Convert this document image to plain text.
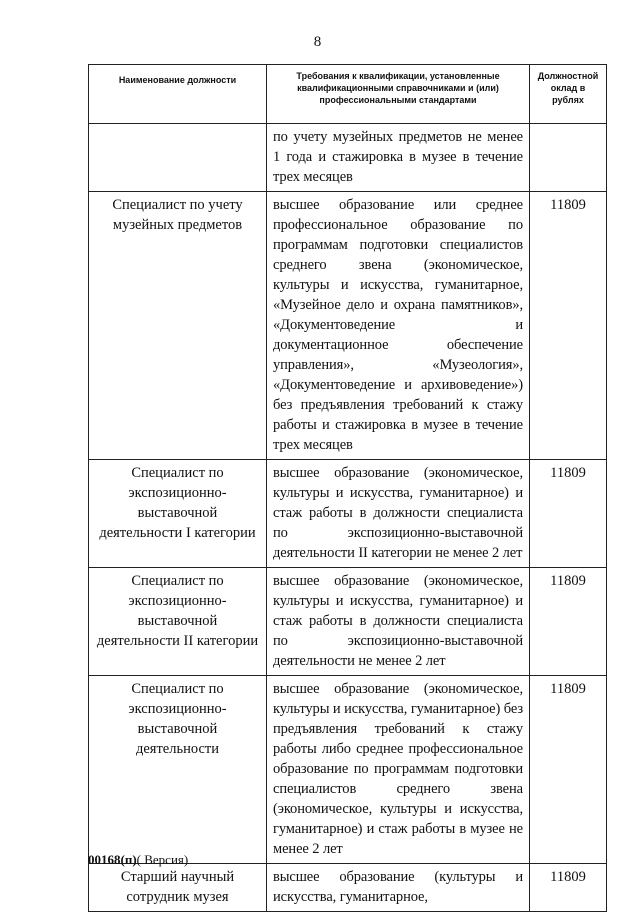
8
Наименование должности	Требования к квалификации, установленные квалификационными справочниками и (или) профессиональными стандартами	Должностной оклад в рублях
	по учету музейных предметов не менее 1 года и стажировка в музее в течение трех месяцев	
Специалист по учету музейных предметов	высшее образование или среднее профессиональное образование по программам подготовки специалистов среднего звена (экономическое, культуры и искусства, гуманитарное, «Музейное дело и охрана памятников», «Документоведение и документационное обеспечение управления», «Музеология», «Документоведение и архивоведение») без предъявления требований к стажу работы и стажировка в музее в течение трех месяцев	11809
Специалист по экспозиционно-выставочной деятельности I категории	высшее образование (экономическое, культуры и искусства, гуманитарное) и стаж работы в должности специалиста по экспозиционно-выставочной деятельности II категории не менее 2 лет	11809
Специалист по экспозиционно-выставочной деятельности II категории	высшее образование (экономическое, культуры и искусства, гуманитарное) и стаж работы в должности специалиста по экспозиционно-выставочной деятельности не менее 2 лет	11809
Специалист по экспозиционно-выставочной деятельности	высшее образование (экономическое, культуры и искусства, гуманитарное) без предъявления требований к стажу работы либо среднее профессиональное образование по программам подготовки специалистов среднего звена (экономическое, культуры и искусства, гуманитарное) и стаж работы в музее не менее 2 лет	11809
Старший научный сотрудник музея	высшее образование (культуры и искусства, гуманитарное,	11809
00168(п)( Версия)
